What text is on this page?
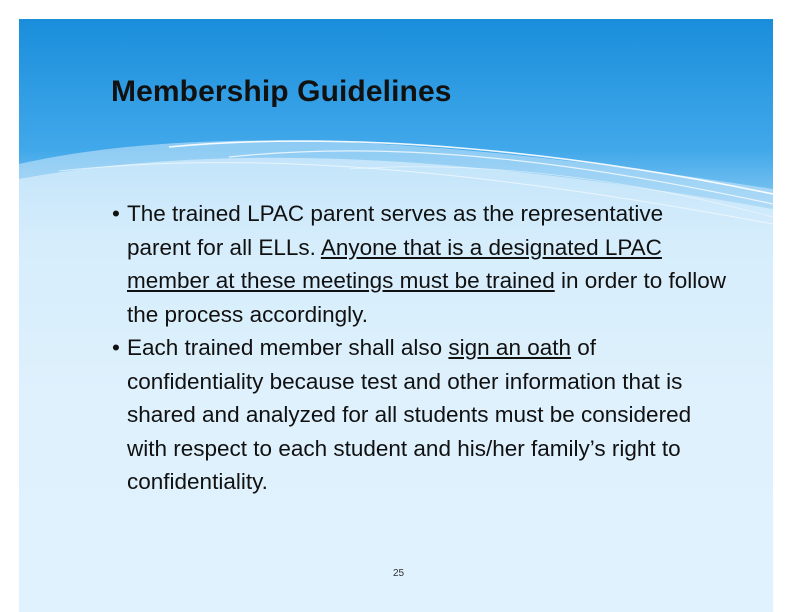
Membership Guidelines
• The trained LPAC parent serves as the representative parent for all ELLs. Anyone that is a designated LPAC member at these meetings must be trained in order to follow the process accordingly.
• Each trained member shall also sign an oath of confidentiality because test and other information that is shared and analyzed for all students must be considered with respect to each student and his/her family’s right to confidentiality.
25
